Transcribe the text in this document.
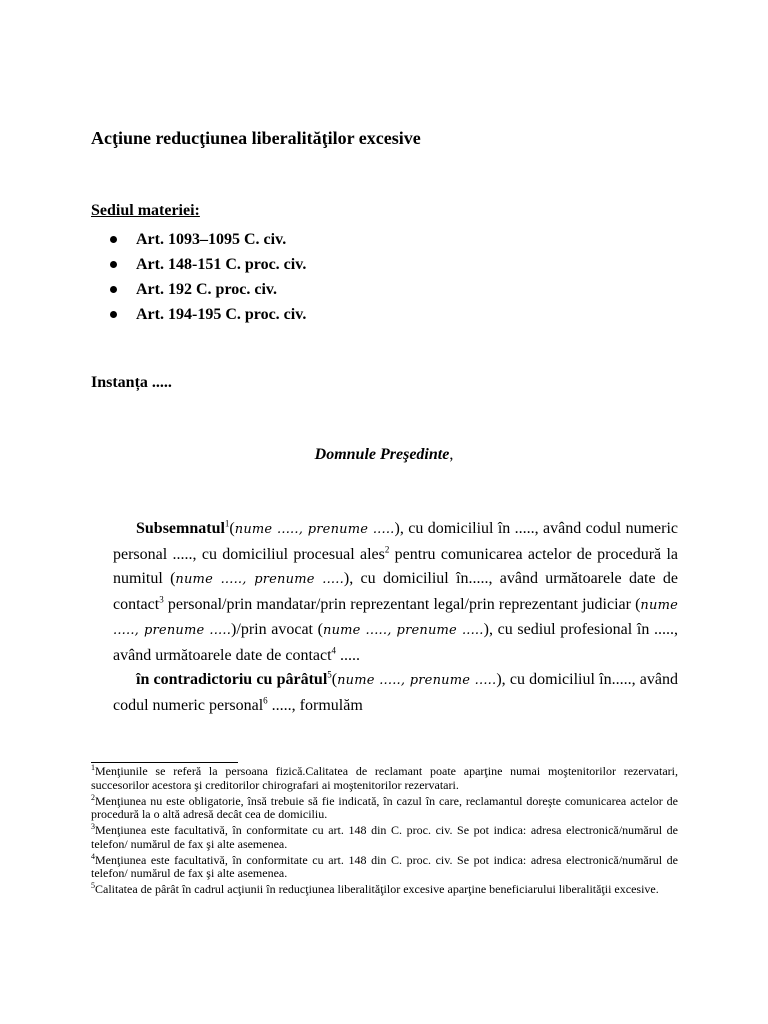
Acţiune reducţiunea liberalităţilor excesive

Sediul materiei:

Art. 1093–1095 C. civ.
Art. 148-151 C. proc. civ.
Art. 192 C. proc. civ.
Art. 194-195 C. proc. civ.

Instanța .....

Domnule Preşedinte,

Subsemnatul$^1$(nume ....., prenume .....), cu domiciliul în ....., având codul numeric personal ....., cu domiciliul procesual ales$^2$ pentru comunicarea actelor de procedură la numitul (nume ....., prenume .....), cu domiciliul în....., având următoarele date de contact$^3$ personal/prin mandatar/prin reprezentant legal/prin reprezentant judiciar (nume ....., prenume .....)/prin avocat (nume ....., prenume .....), cu sediul profesional în ....., având următoarele date de contact$^4$ .....

în contradictoriu cu pârâtul$^5$(nume ....., prenume .....), cu domiciliul în....., având codul numeric personal$^6$ ....., formulăm

$^1$Menţiunile se referă la persoana fizică.Calitatea de reclamant poate aparţine numai moştenitorilor rezervatari, succesorilor acestora şi creditorilor chirografari ai moştenitorilor rezervatari.

$^2$Menţiunea nu este obligatorie, însă trebuie să fie indicată, în cazul în care, reclamantul doreşte comunicarea actelor de procedură la o altă adresă decât cea de domiciliu.

$^3$Menţiunea este facultativă, în conformitate cu art. 148 din C. proc. civ. Se pot indica: adresa electronică/numărul de telefon/ numărul de fax şi alte asemenea.

$^4$Menţiunea este facultativă, în conformitate cu art. 148 din C. proc. civ. Se pot indica: adresa electronică/numărul de telefon/ numărul de fax şi alte asemenea.

$^5$Calitatea de pârât în cadrul acţiunii în reducţiunea liberalităţilor excesive aparţine beneficiarului liberalităţii excesive.
